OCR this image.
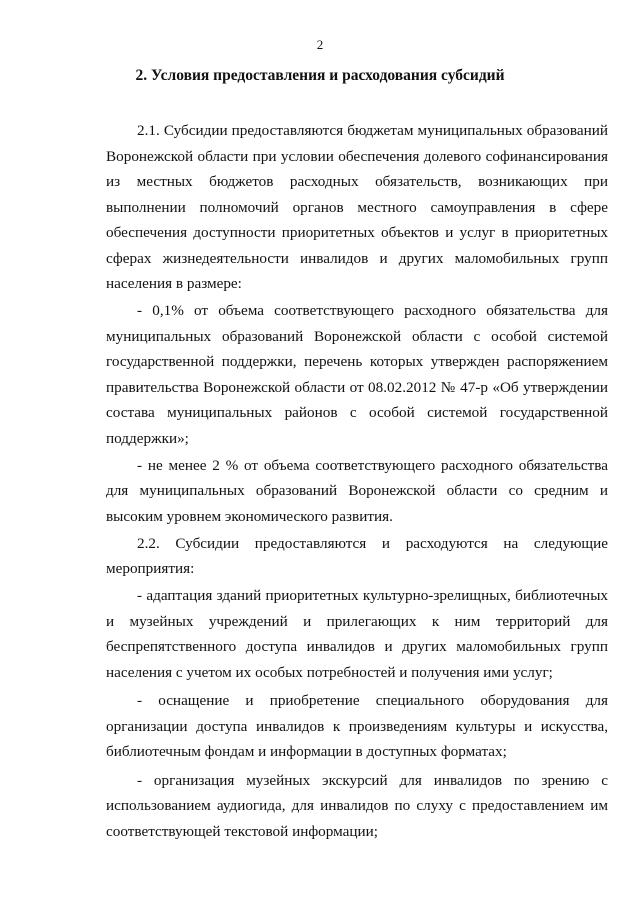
2
2. Условия предоставления и расходования субсидий

2.1. Субсидии предоставляются бюджетам муниципальных образований Воронежской области при условии обеспечения долевого софинансирования из местных бюджетов расходных обязательств, возникающих при выполнении полномочий органов местного самоуправления в сфере обеспечения доступности приоритетных объектов и услуг в приоритетных сферах жизнедеятельности инвалидов и других маломобильных групп населения в размере:

- 0,1% от объема соответствующего расходного обязательства для муниципальных образований Воронежской области с особой системой государственной поддержки, перечень которых утвержден распоряжением правительства Воронежской области от 08.02.2012 № 47-р «Об утверждении состава муниципальных районов с особой системой государственной поддержки»;

- не менее 2 % от объема соответствующего расходного обязательства для муниципальных образований Воронежской области со средним и высоким уровнем экономического развития.

2.2. Субсидии предоставляются и расходуются на следующие мероприятия:

- адаптация зданий приоритетных культурно-зрелищных, библиотечных и музейных учреждений и прилегающих к ним территорий для беспрепятственного доступа инвалидов и других маломобильных групп населения с учетом их особых потребностей и получения ими услуг;

- оснащение и приобретение специального оборудования для организации доступа инвалидов к произведениям культуры и искусства, библиотечным фондам и информации в доступных форматах;

- организация музейных экскурсий для инвалидов по зрению с использованием аудиогида, для инвалидов по слуху с предоставлением им соответствующей текстовой информации;
